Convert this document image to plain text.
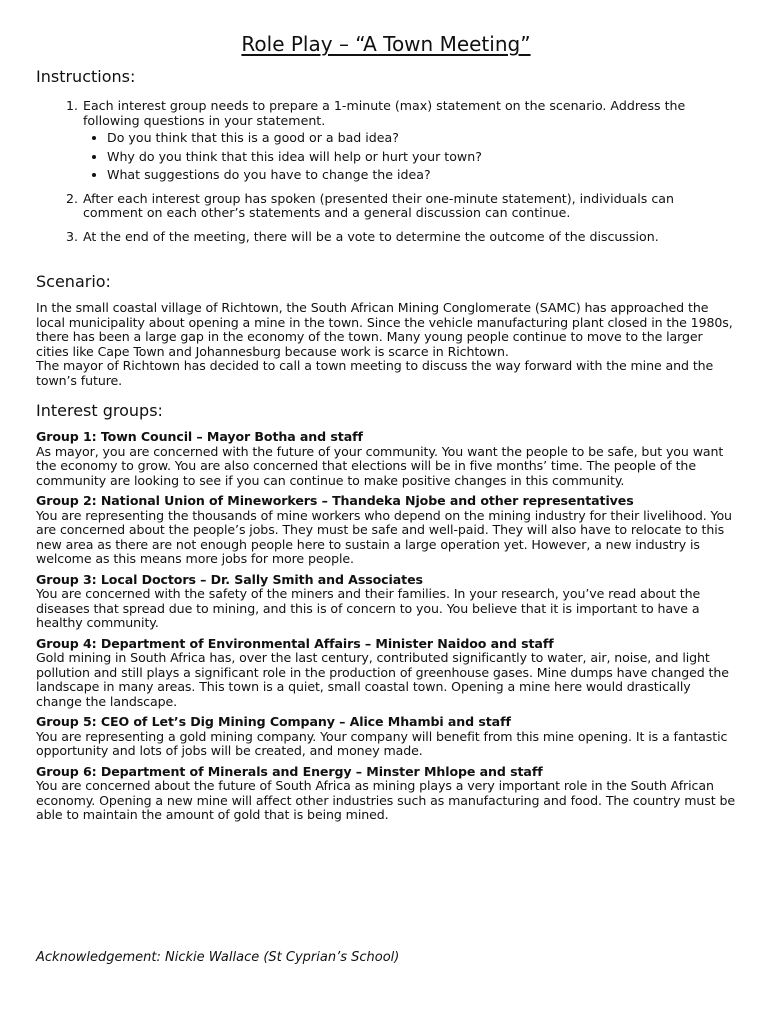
Role Play – “A Town Meeting”
Instructions:
1. Each interest group needs to prepare a 1-minute (max) statement on the scenario. Address the following questions in your statement.
• Do you think that this is a good or a bad idea?
• Why do you think that this idea will help or hurt your town?
• What suggestions do you have to change the idea?
2. After each interest group has spoken (presented their one-minute statement), individuals can comment on each other’s statements and a general discussion can continue.
3. At the end of the meeting, there will be a vote to determine the outcome of the discussion.
Scenario:
In the small coastal village of Richtown, the South African Mining Conglomerate (SAMC) has approached the local municipality about opening a mine in the town. Since the vehicle manufacturing plant closed in the 1980s, there has been a large gap in the economy of the town. Many young people continue to move to the larger cities like Cape Town and Johannesburg because work is scarce in Richtown.
The mayor of Richtown has decided to call a town meeting to discuss the way forward with the mine and the town’s future.
Interest groups:
Group 1: Town Council – Mayor Botha and staff
As mayor, you are concerned with the future of your community. You want the people to be safe, but you want the economy to grow. You are also concerned that elections will be in five months’ time. The people of the community are looking to see if you can continue to make positive changes in this community.
Group 2: National Union of Mineworkers – Thandeka Njobe and other representatives
You are representing the thousands of mine workers who depend on the mining industry for their livelihood. You are concerned about the people’s jobs. They must be safe and well-paid. They will also have to relocate to this new area as there are not enough people here to sustain a large operation yet. However, a new industry is welcome as this means more jobs for more people.
Group 3: Local Doctors – Dr. Sally Smith and Associates
You are concerned with the safety of the miners and their families. In your research, you’ve read about the diseases that spread due to mining, and this is of concern to you. You believe that it is important to have a healthy community.
Group 4: Department of Environmental Affairs – Minister Naidoo and staff
Gold mining in South Africa has, over the last century, contributed significantly to water, air, noise, and light pollution and still plays a significant role in the production of greenhouse gases. Mine dumps have changed the landscape in many areas. This town is a quiet, small coastal town. Opening a mine here would drastically change the landscape.
Group 5: CEO of Let’s Dig Mining Company – Alice Mhambi and staff
You are representing a gold mining company. Your company will benefit from this mine opening. It is a fantastic opportunity and lots of jobs will be created, and money made.
Group 6: Department of Minerals and Energy – Minster Mhlope and staff
You are concerned about the future of South Africa as mining plays a very important role in the South African economy. Opening a new mine will affect other industries such as manufacturing and food. The country must be able to maintain the amount of gold that is being mined.
Acknowledgement: Nickie Wallace (St Cyprian’s School)
